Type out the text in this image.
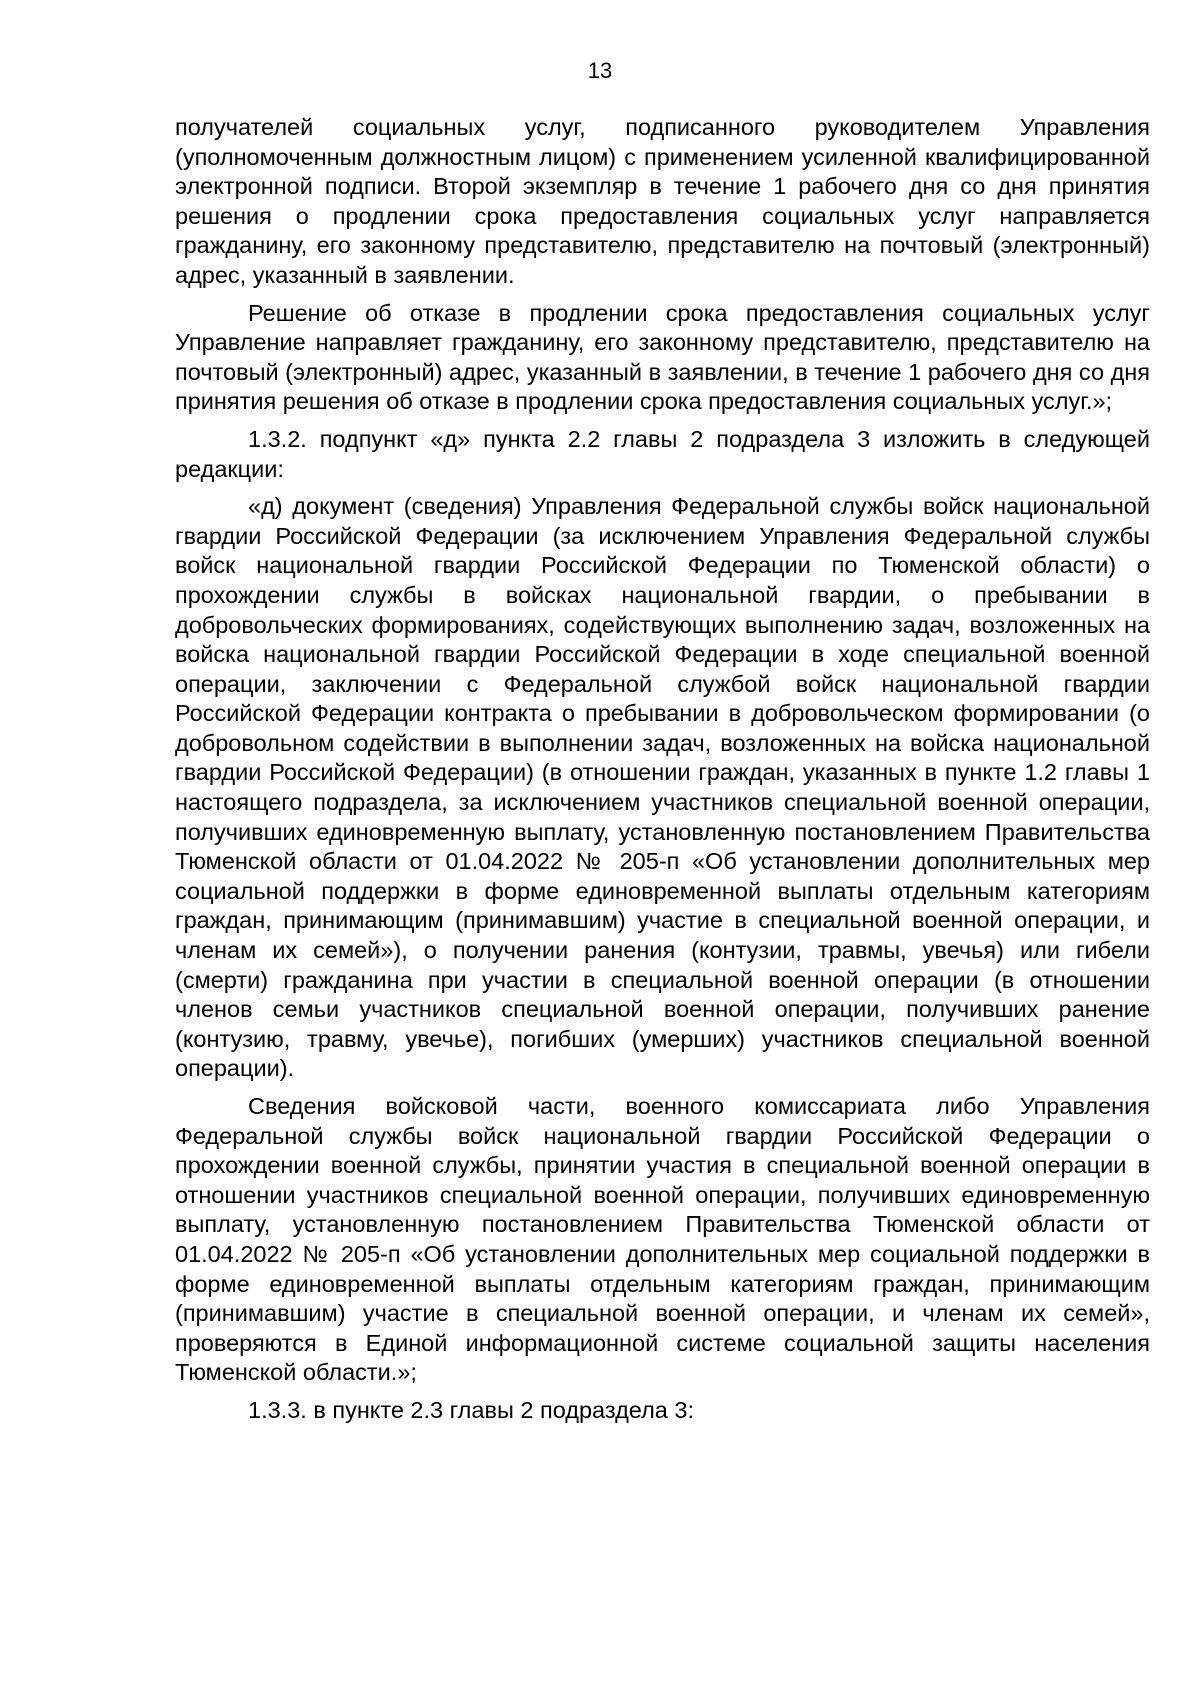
13

получателей социальных услуг, подписанного руководителем Управления (уполномоченным должностным лицом) с применением усиленной квалифицированной электронной подписи. Второй экземпляр в течение 1 рабочего дня со дня принятия решения о продлении срока предоставления социальных услуг направляется гражданину, его законному представителю, представителю на почтовый (электронный) адрес, указанный в заявлении.

Решение об отказе в продлении срока предоставления социальных услуг Управление направляет гражданину, его законному представителю, представителю на почтовый (электронный) адрес, указанный в заявлении, в течение 1 рабочего дня со дня принятия решения об отказе в продлении срока предоставления социальных услуг.»;

1.3.2. подпункт «д» пункта 2.2 главы 2 подраздела 3 изложить в следующей редакции:

«д) документ (сведения) Управления Федеральной службы войск национальной гвардии Российской Федерации (за исключением Управления Федеральной службы войск национальной гвардии Российской Федерации по Тюменской области) о прохождении службы в войсках национальной гвардии, о пребывании в добровольческих формированиях, содействующих выполнению задач, возложенных на войска национальной гвардии Российской Федерации в ходе специальной военной операции, заключении с Федеральной службой войск национальной гвардии Российской Федерации контракта о пребывании в добровольческом формировании (о добровольном содействии в выполнении задач, возложенных на войска национальной гвардии Российской Федерации) (в отношении граждан, указанных в пункте 1.2 главы 1 настоящего подраздела, за исключением участников специальной военной операции, получивших единовременную выплату, установленную постановлением Правительства Тюменской области от 01.04.2022 № 205-п «Об установлении дополнительных мер социальной поддержки в форме единовременной выплаты отдельным категориям граждан, принимающим (принимавшим) участие в специальной военной операции, и членам их семей»), о получении ранения (контузии, травмы, увечья) или гибели (смерти) гражданина при участии в специальной военной операции (в отношении членов семьи участников специальной военной операции, получивших ранение (контузию, травму, увечье), погибших (умерших) участников специальной военной операции).

Сведения войсковой части, военного комиссариата либо Управления Федеральной службы войск национальной гвардии Российской Федерации о прохождении военной службы, принятии участия в специальной военной операции в отношении участников специальной военной операции, получивших единовременную выплату, установленную постановлением Правительства Тюменской области от 01.04.2022 № 205-п «Об установлении дополнительных мер социальной поддержки в форме единовременной выплаты отдельным категориям граждан, принимающим (принимавшим) участие в специальной военной операции, и членам их семей», проверяются в Единой информационной системе социальной защиты населения Тюменской области.»;

1.3.3. в пункте 2.3 главы 2 подраздела 3:
